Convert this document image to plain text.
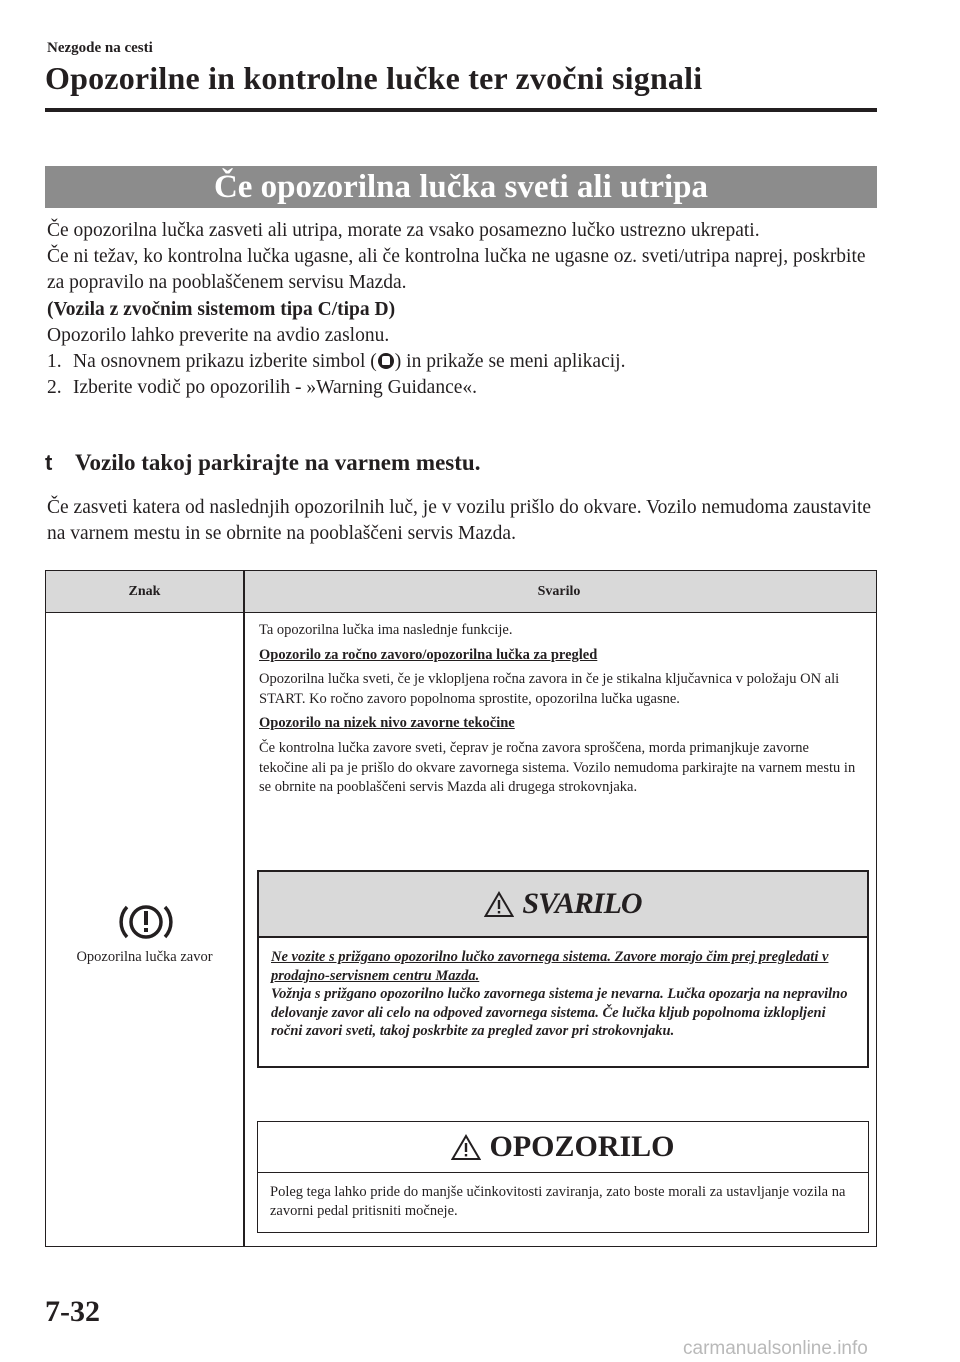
Nezgode na cesti
Opozorilne in kontrolne lučke ter zvočni signali
Če opozorilna lučka sveti ali utripa

Če opozorilna lučka zasveti ali utripa, morate za vsako posamezno lučko ustrezno ukrepati.

Če ni težav, ko kontrolna lučka ugasne, ali če kontrolna lučka ne ugasne oz. sveti/utripa naprej, poskrbite za popravilo na pooblaščenem servisu Mazda.

(Vozila z zvočnim sistemom tipa C/tipa D)

Opozorilo lahko preverite na avdio zaslonu.

1. Na osnovnem prikazu izberite simbol ( ) in prikaže se meni aplikacij.
2. Izberite vodič po opozorilih - »Warning Guidance«.
t Vozilo takoj parkirajte na varnem mestu.
Če zasveti katera od naslednjih opozorilnih luč, je v vozilu prišlo do okvare. Vozilo nemudoma zaustavite na varnem mestu in se obrnite na pooblaščeni servis Mazda.
Znak	Svarilo
Opozorilna lučka zavor

Ta opozorilna lučka ima naslednje funkcije.

Opozorilo za ročno zavoro/opozorilna lučka za pregled

Opozorilna lučka sveti, če je vklopljena ročna zavora in če je stikalna ključavnica v položaju ON ali START. Ko ročno zavoro popolnoma sprostite, opozorilna lučka ugasne.

Opozorilo na nizek nivo zavorne tekočine

Če kontrolna lučka zavore sveti, čeprav je ročna zavora sproščena, morda primanjkuje zavorne tekočine ali pa je prišlo do okvare zavornega sistema. Vozilo nemudoma parkirajte na varnem mestu in se obrnite na pooblaščeni servis Mazda ali drugega strokovnjaka.

SVARILO
Ne vozite s prižgano opozorilno lučko zavornega sistema. Zavore morajo čim prej pregledati v prodajno-servisnem centru Mazda.
Vožnja s prižgano opozorilno lučko zavornega sistema je nevarna. Lučka opozarja na nepravilno delovanje zavor ali celo na odpoved zavornega sistema. Če lučka kljub popolnoma izklopljeni ročni zavori sveti, takoj poskrbite za pregled zavor pri strokovnjaku.
OPOZORILO
Poleg tega lahko pride do manjše učinkovitosti zaviranja, zato boste morali za ustavljanje vozila na zavorni pedal pritisniti močneje.
7-32
carmanualsonline.info
